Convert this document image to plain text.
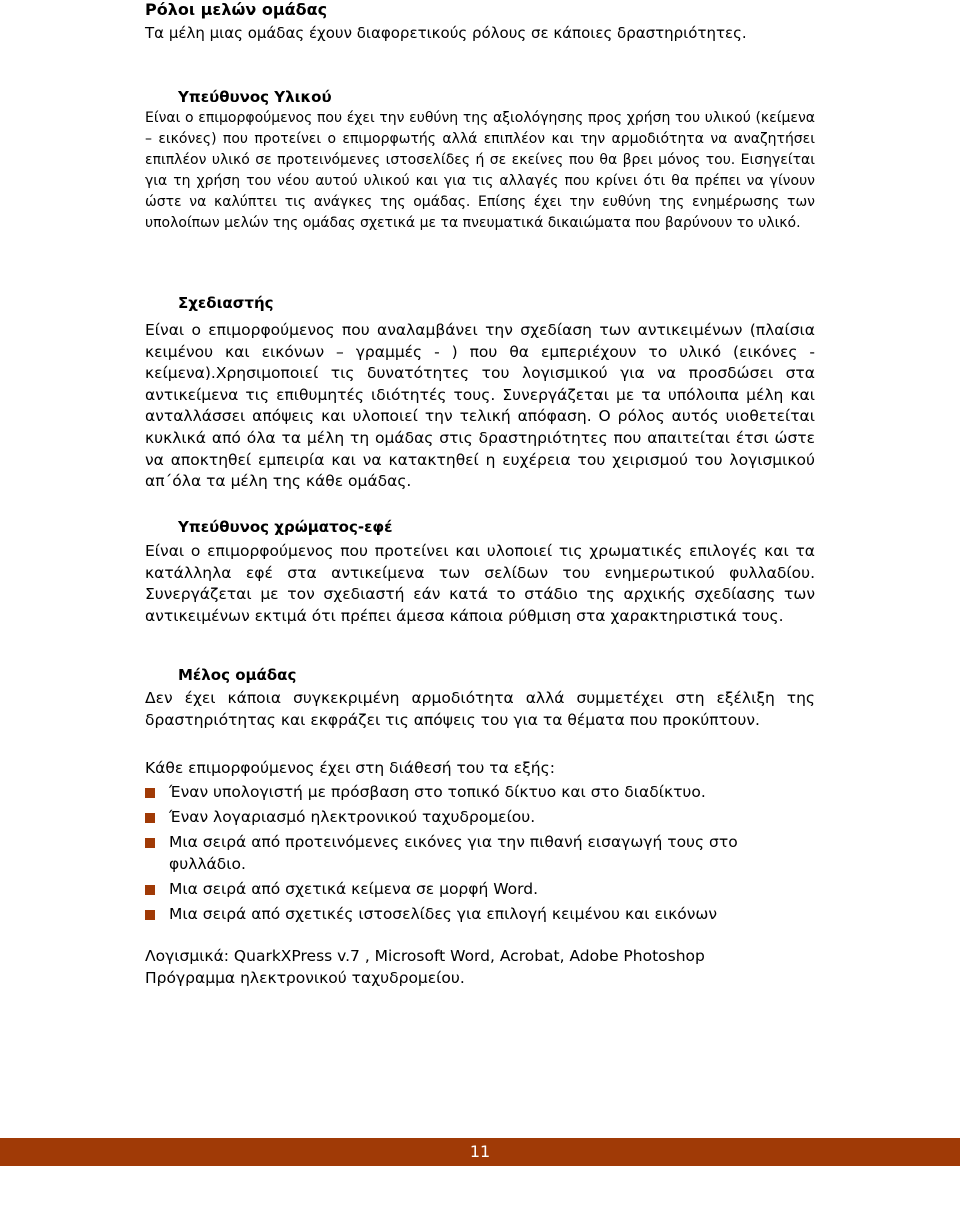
Ρόλοι μελών ομάδας
Τα μέλη μιας ομάδας έχουν διαφορετικούς ρόλους σε κάποιες δραστηριότητες.
Υπεύθυνος Υλικού

Είναι ο επιμορφούμενος που έχει την ευθύνη της αξιολόγησης προς χρήση του υλικού (κείμενα – εικόνες) που προτείνει ο επιμορφωτής αλλά επιπλέον και την αρμοδιότητα να αναζητήσει επιπλέον υλικό σε προτεινόμενες ιστοσελίδες ή σε εκείνες που θα βρει μόνος του. Εισηγείται για τη χρήση του νέου αυτού υλικού και για τις αλλαγές που κρίνει ότι θα πρέπει να γίνουν ώστε να καλύπτει τις ανάγκες της ομάδας. Επίσης έχει την ευθύνη της ενημέρωσης των υπολοίπων μελών της ομάδας σχετικά με τα πνευματικά δικαιώματα που βαρύνουν το υλικό.

Σχεδιαστής

Είναι ο επιμορφούμενος που αναλαμβάνει την σχεδίαση των αντικειμένων (πλαίσια κειμένου και εικόνων – γραμμές - ) που θα εμπεριέχουν το υλικό (εικόνες - κείμενα).Χρησιμοποιεί τις δυνατότητες του λογισμικού για να προσδώσει στα αντικείμενα τις επιθυμητές ιδιότητές τους. Συνεργάζεται με τα υπόλοιπα μέλη και ανταλλάσσει απόψεις και υλοποιεί την τελική απόφαση. Ο ρόλος αυτός υιοθετείται κυκλικά από όλα τα μέλη τη ομάδας στις δραστηριότητες που απαιτείται έτσι ώστε να αποκτηθεί εμπειρία και να κατακτηθεί η ευχέρεια του χειρισμού του λογισμικού απ΄όλα τα μέλη της κάθε ομάδας.

Υπεύθυνος χρώματος-εφέ

Είναι ο επιμορφούμενος που προτείνει και υλοποιεί τις χρωματικές επιλογές και τα κατάλληλα εφέ στα αντικείμενα των σελίδων του ενημερωτικού φυλλαδίου. Συνεργάζεται με τον σχεδιαστή εάν κατά το στάδιο της αρχικής σχεδίασης των αντικειμένων εκτιμά ότι πρέπει άμεσα κάποια ρύθμιση στα χαρακτηριστικά τους.

Μέλος ομάδας

Δεν έχει κάποια συγκεκριμένη αρμοδιότητα αλλά συμμετέχει στη εξέλιξη της δραστηριότητας και εκφράζει τις απόψεις του για τα θέματα που προκύπτουν.

Κάθε επιμορφούμενος έχει στη διάθεσή του τα εξής:

Έναν υπολογιστή με πρόσβαση στο τοπικό δίκτυο και στο διαδίκτυο.
Έναν λογαριασμό ηλεκτρονικού ταχυδρομείου.
Μια σειρά από προτεινόμενες εικόνες για την πιθανή εισαγωγή τους στο φυλλάδιο.
Μια σειρά από σχετικά κείμενα σε μορφή Word.
Μια σειρά από σχετικές ιστοσελίδες για επιλογή κειμένου και εικόνων

Λογισμικά: QuarkXPress v.7 , Microsoft Word, Acrobat, Adobe Photoshop

Πρόγραμμα ηλεκτρονικού ταχυδρομείου.

11
